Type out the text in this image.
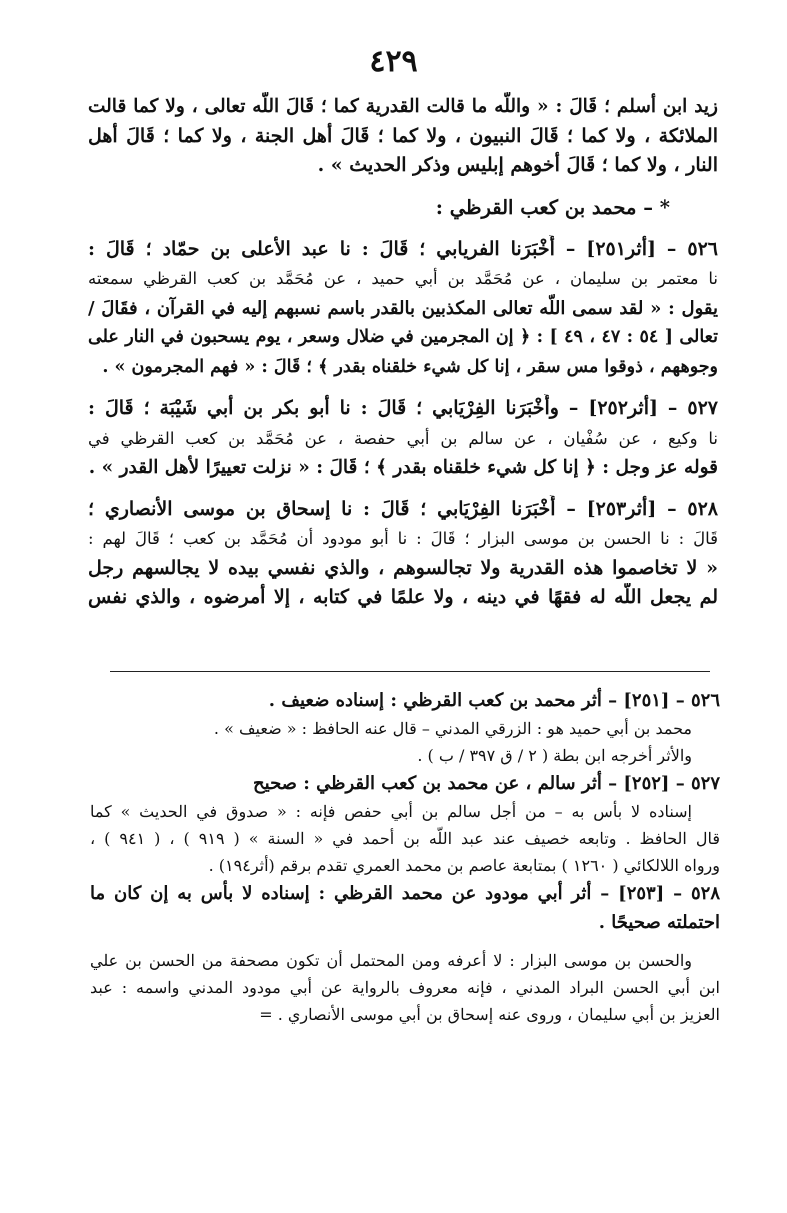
٤٢٩
زيد ابن أسلم ؛ قَالَ : « واللّه ما قالت القدرية كما ؛ قَالَ اللّه تعالى ، ولا كما قالت
الملائكة ، ولا كما ؛ قَالَ النبيون ، ولا كما ؛ قَالَ أهل الجنة ، ولا كما ؛ قَالَ أهل
النار ، ولا كما ؛ قَالَ أخوهم إبليس وذكر الحديث » .
* – محمد بن كعب القرظي :
٥٢٦ – [أثر٢٥١] – أَخْبَرَنا الفريابي ؛ قَالَ : نا عبد الأعلى بن حمّاد ؛ قَالَ :
نا معتمر بن سليمان ، عن مُحَمَّد بن أبي حميد ، عن مُحَمَّد بن كعب القرظي سمعته
يقول : « لقد سمى اللّه تعالى المكذبين بالقدر باسم نسبهم إليه في القرآن ، فقَالَ /
تعالى [ ٥٤ : ٤٧ ، ٤٩ ] : ﴿ إن المجرمين في ضلال وسعر ، يوم يسحبون في النار على
وجوههم ، ذوقوا مس سقر ، إنا كل شيء خلقناه بقدر ﴾ ؛ قَالَ : « فهم المجرمون » .
٥٢٧ – [أثر٢٥٢] – وأَخْبَرَنا الفِرْيَابي ؛ قَالَ : نا أبو بكر بن أبي شَيْبَة ؛ قَالَ :
نا وكيع ، عن سُفْيان ، عن سالم بن أبي حفصة ، عن مُحَمَّد بن كعب القرظي في
قوله عز وجل : ﴿ إنا كل شيء خلقناه بقدر ﴾ ؛ قَالَ : « نزلت تعييرًا لأهل القدر » .
٥٢٨ – [أثر٢٥٣] – أَخْبَرَنا الفِرْيَابي ؛ قَالَ : نا إسحاق بن موسى الأنصاري ؛
قَالَ : نا الحسن بن موسى البزار ؛ قَالَ : نا أبو مودود أن مُحَمَّد بن كعب ؛ قَالَ لهم :
« لا تخاصموا هذه القدرية ولا تجالسوهم ، والذي نفسي بيده لا يجالسهم رجل
لم يجعل اللّه له فقهًا في دينه ، ولا علمًا في كتابه ، إلا أمرضوه ، والذي نفس
٥٢٦ – [٢٥١] – أثر محمد بن كعب القرظي : إسناده ضعيف .
محمد بن أبي حميد هو : الزرقي المدني – قال عنه الحافظ : « ضعيف » .
والأثر أخرجه ابن بطة ( ٢ / ق ٣٩٧ / ب ) .
٥٢٧ – [٢٥٢] – أثر سالم ، عن محمد بن كعب القرظي : صحيح
إسناده لا بأس به – من أجل سالم بن أبي حفص فإنه : « صدوق في الحديث » كما
قال الحافظ . وتابعه خصيف عند عبد اللّه بن أحمد في « السنة » ( ٩١٩ ) ، ( ٩٤١ ) ،
ورواه اللالكائي ( ١٢٦٠ ) بمتابعة عاصم بن محمد العمري تقدم برقم (أثر١٩٤) .
٥٢٨ – [٢٥٣] – أثر أبي مودود عن محمد القرظي : إسناده لا بأس به إن كان ما
احتملته صحيحًا .
والحسن بن موسى البزار : لا أعرفه ومن المحتمل أن تكون مصحفة من الحسن بن علي
ابن أبي الحسن البراد المدني ، فإنه معروف بالرواية عن أبي مودود المدني واسمه : عبد
العزيز بن أبي سليمان ، وروى عنه إسحاق بن أبي موسى الأنصاري . =
